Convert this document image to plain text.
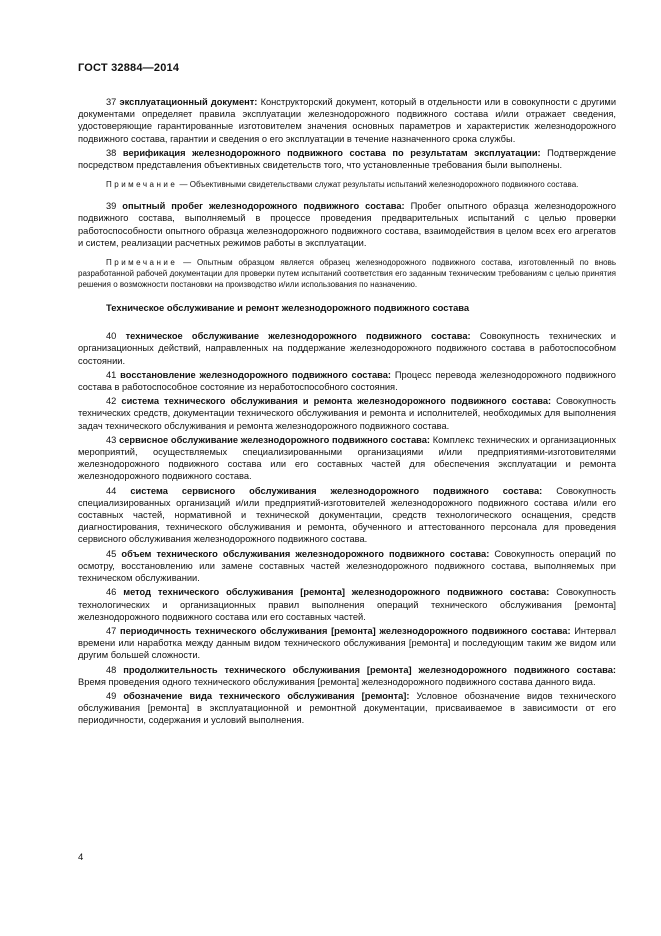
ГОСТ 32884—2014

37 эксплуатационный документ: Конструкторский документ, который в отдельности или в совокупности с другими документами определяет правила эксплуатации железнодорожного подвижного состава и/или отражает сведения, удостоверяющие гарантированные изготовителем значения основных параметров и характеристик железнодорожного подвижного состава, гарантии и сведения о его эксплуатации в течение назначенного срока службы.

38 верификация железнодорожного подвижного состава по результатам эксплуатации: Подтверждение посредством представления объективных свидетельств того, что установленные требования были выполнены.

Примечание — Объективными свидетельствами служат результаты испытаний железнодорожного подвижного состава.

39 опытный пробег железнодорожного подвижного состава: Пробег опытного образца железнодорожного подвижного состава, выполняемый в процессе проведения предварительных испытаний с целью проверки работоспособности опытного образца железнодорожного подвижного состава, взаимодействия в целом всех его агрегатов и систем, реализации расчетных режимов работы в эксплуатации.

Примечание — Опытным образцом является образец железнодорожного подвижного состава, изготовленный по вновь разработанной рабочей документации для проверки путем испытаний соответствия его заданным техническим требованиям с целью принятия решения о возможности постановки на производство и/или использования по назначению.

Техническое обслуживание и ремонт железнодорожного подвижного состава

40 техническое обслуживание железнодорожного подвижного состава: Совокупность технических и организационных действий, направленных на поддержание железнодорожного подвижного состава в работоспособном состоянии.

41 восстановление железнодорожного подвижного состава: Процесс перевода железнодорожного подвижного состава в работоспособное состояние из неработоспособного состояния.

42 система технического обслуживания и ремонта железнодорожного подвижного состава: Совокупность технических средств, документации технического обслуживания и ремонта и исполнителей, необходимых для выполнения задач технического обслуживания и ремонта железнодорожного подвижного состава.

43 сервисное обслуживание железнодорожного подвижного состава: Комплекс технических и организационных мероприятий, осуществляемых специализированными организациями и/или предприятиями-изготовителями железнодорожного подвижного состава или его составных частей для обеспечения эксплуатации и ремонта железнодорожного подвижного состава.

44 система сервисного обслуживания железнодорожного подвижного состава: Совокупность специализированных организаций и/или предприятий-изготовителей железнодорожного подвижного состава и/или его составных частей, нормативной и технической документации, средств технологического оснащения, средств диагностирования, технического обслуживания и ремонта, обученного и аттестованного персонала для проведения сервисного обслуживания железнодорожного подвижного состава.

45 объем технического обслуживания железнодорожного подвижного состава: Совокупность операций по осмотру, восстановлению или замене составных частей железнодорожного подвижного состава, выполняемых при техническом обслуживании.

46 метод технического обслуживания [ремонта] железнодорожного подвижного состава: Совокупность технологических и организационных правил выполнения операций технического обслуживания [ремонта] железнодорожного подвижного состава или его составных частей.

47 периодичность технического обслуживания [ремонта] железнодорожного подвижного состава: Интервал времени или наработка между данным видом технического обслуживания [ремонта] и последующим таким же видом или другим большей сложности.

48 продолжительность технического обслуживания [ремонта] железнодорожного подвижного состава: Время проведения одного технического обслуживания [ремонта] железнодорожного подвижного состава данного вида.

49 обозначение вида технического обслуживания [ремонта]: Условное обозначение видов технического обслуживания [ремонта] в эксплуатационной и ремонтной документации, присваиваемое в зависимости от его периодичности, содержания и условий выполнения.

4
